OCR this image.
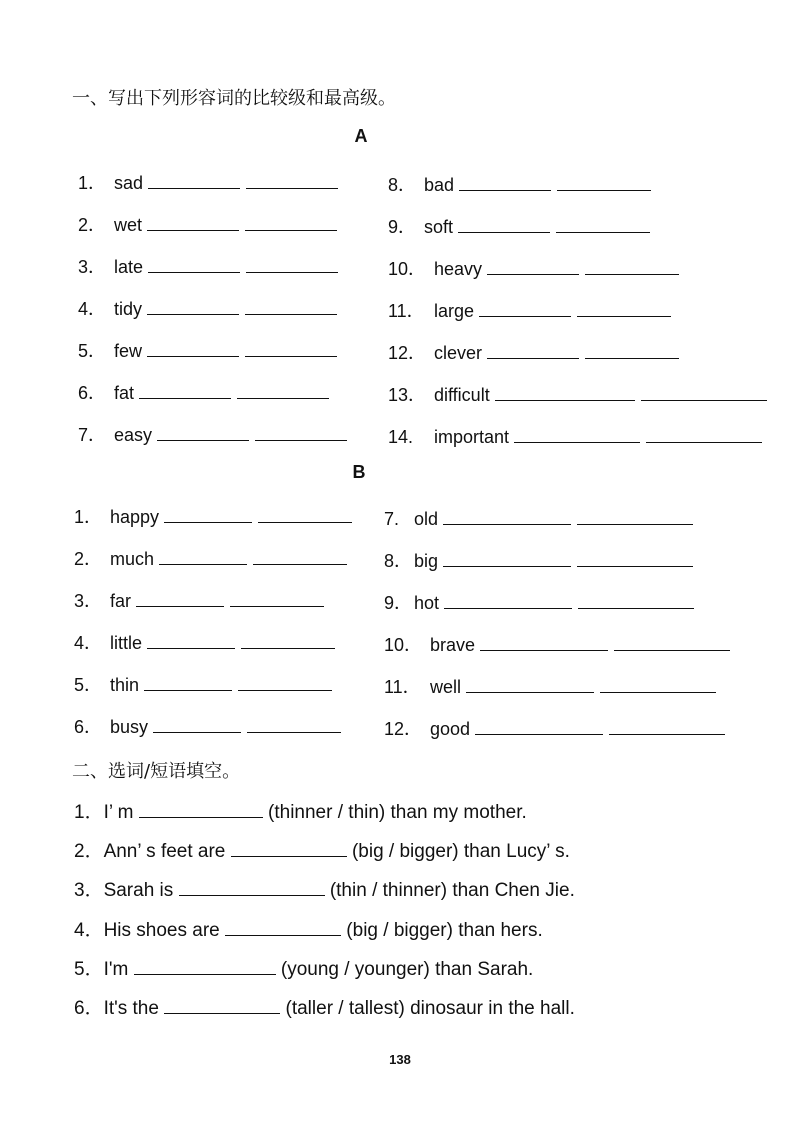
一、写出下列形容词的比较级和最高级。
A
B
1． sad
2． wet
3． late
4． tidy
5． few
6． fat
7． easy
8． bad
9． soft
10． heavy
11． large
12． clever
13． difficult
14. important
1． happy
2． much
3． far
4． little
5． thin
6． busy
7. old
8． big
9． hot
10． brave
11． well
12． good
二、选词/短语填空。
1．I’ m	(thinner / thin) than my mother.
2．Ann’ s feet are	(big / bigger) than Lucy’ s.
3．Sarah is	(thin / thinner) than Chen Jie.
4．His shoes are	(big / bigger) than hers.
5．I'm	(young / younger) than Sarah.
6．It's the	(taller / tallest) dinosaur in the hall.
138
